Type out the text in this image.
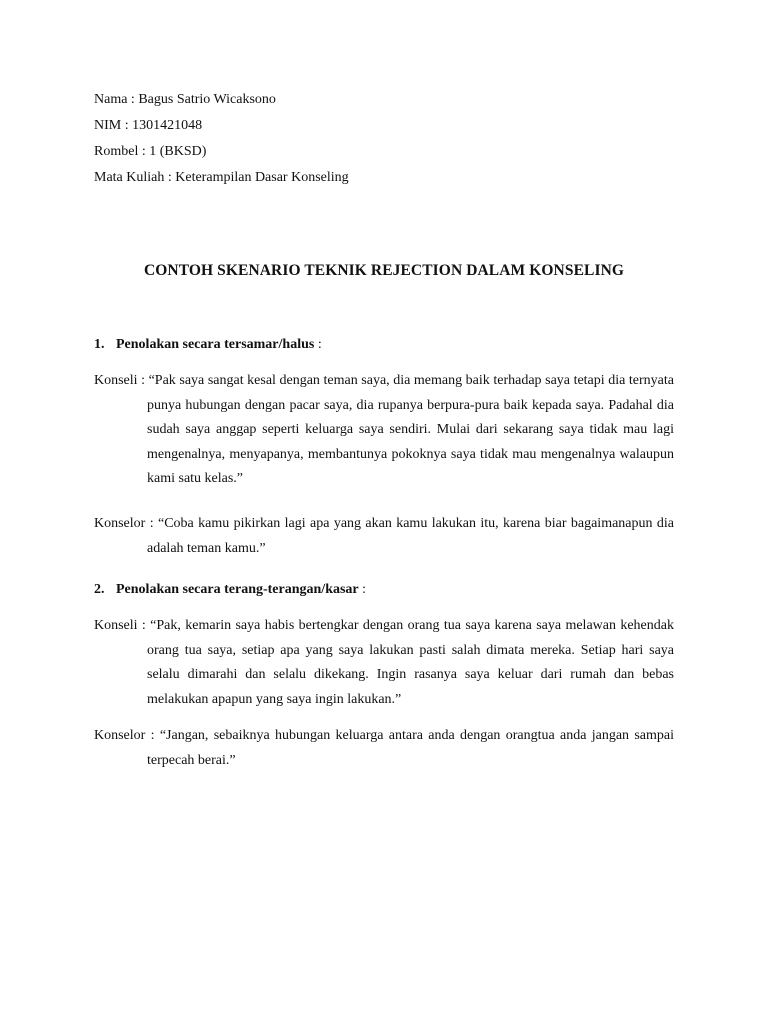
Nama : Bagus Satrio Wicaksono
NIM : 1301421048
Rombel : 1 (BKSD)
Mata Kuliah : Keterampilan Dasar Konseling
CONTOH SKENARIO TEKNIK REJECTION DALAM KONSELING
1. Penolakan secara tersamar/halus :
Konseli : “Pak saya sangat kesal dengan teman saya, dia memang baik terhadap saya tetapi dia ternyata punya hubungan dengan pacar saya, dia rupanya berpura-pura baik kepada saya. Padahal dia sudah saya anggap seperti keluarga saya sendiri. Mulai dari sekarang saya tidak mau lagi mengenalnya, menyapanya, membantunya pokoknya saya tidak mau mengenalnya walaupun kami satu kelas.”
Konselor : “Coba kamu pikirkan lagi apa yang akan kamu lakukan itu, karena biar bagaimanapun dia adalah teman kamu.”
2. Penolakan secara terang-terangan/kasar :
Konseli : “Pak, kemarin saya habis bertengkar dengan orang tua saya karena saya melawan kehendak orang tua saya, setiap apa yang saya lakukan pasti salah dimata mereka. Setiap hari saya selalu dimarahi dan selalu dikekang. Ingin rasanya saya keluar dari rumah dan bebas melakukan apapun yang saya ingin lakukan.”
Konselor : “Jangan, sebaiknya hubungan keluarga antara anda dengan orangtua anda jangan sampai terpecah berai.”
